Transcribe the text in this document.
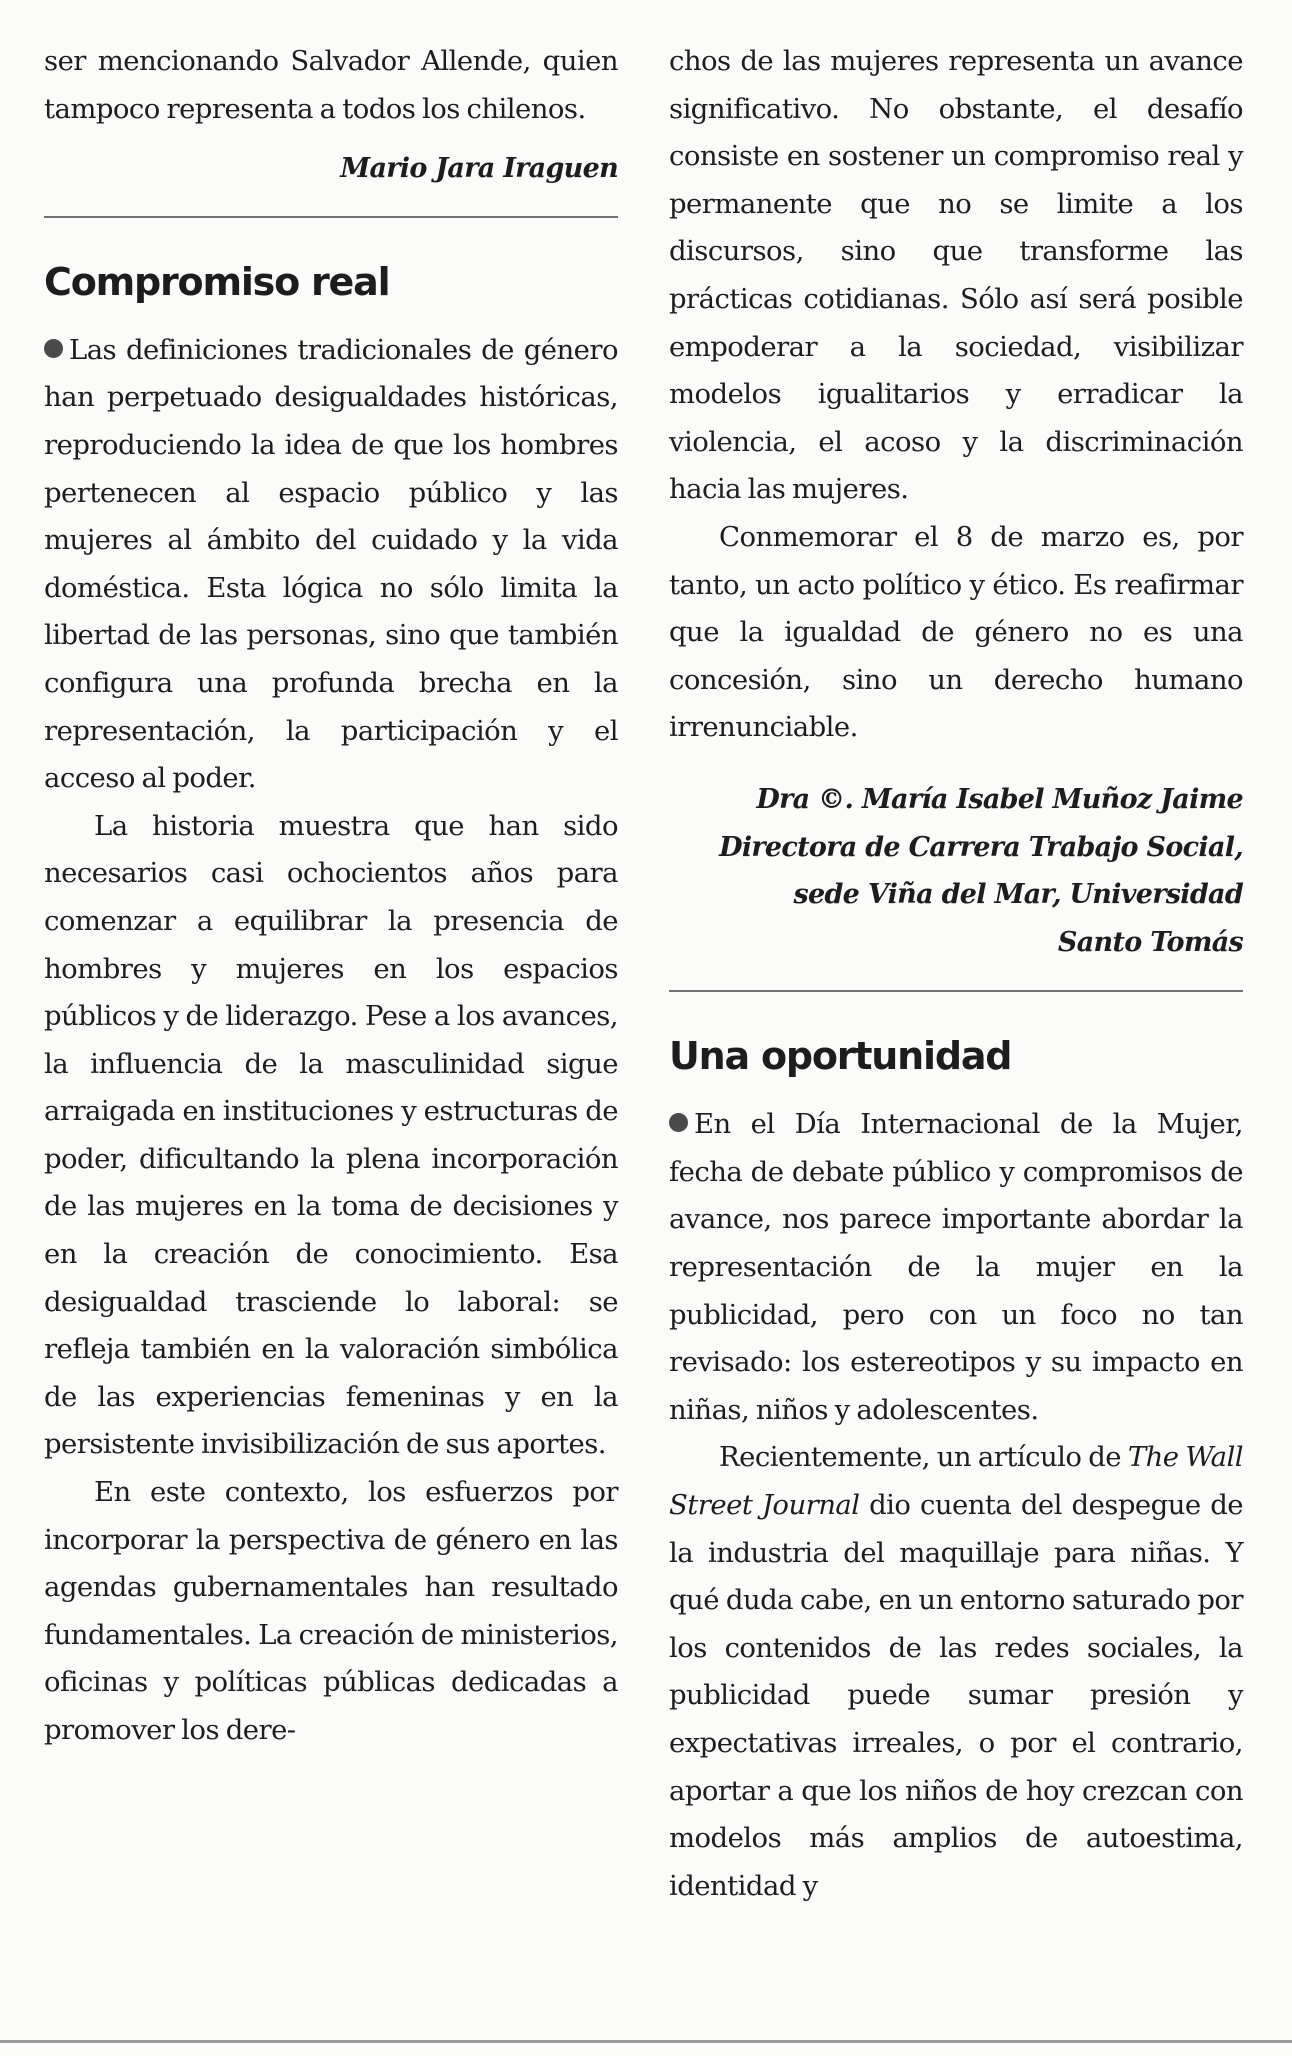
ser mencionando Salvador Allende, quien tampoco representa a todos los chilenos.

Mario Jara Iraguen
Compromiso real

Las definiciones tradicionales de género han perpetuado desigualdades históricas, reproduciendo la idea de que los hombres pertenecen al espacio público y las mujeres al ámbito del cuidado y la vida doméstica. Esta lógica no sólo limita la libertad de las personas, sino que también configura una profunda brecha en la representación, la participación y el acceso al poder.

La historia muestra que han sido necesarios casi ochocientos años para comenzar a equilibrar la presencia de hombres y mujeres en los espacios públicos y de liderazgo. Pese a los avances, la influencia de la masculinidad sigue arraigada en instituciones y estructuras de poder, dificultando la plena incorporación de las mujeres en la toma de decisiones y en la creación de conocimiento. Esa desigualdad trasciende lo laboral: se refleja también en la valoración simbólica de las experiencias femeninas y en la persistente invisibilización de sus aportes.

En este contexto, los esfuerzos por incorporar la perspectiva de género en las agendas gubernamentales han resultado fundamentales. La creación de ministerios, oficinas y políticas públicas dedicadas a promover los dere-

chos de las mujeres representa un avance significativo. No obstante, el desafío consiste en sostener un compromiso real y permanente que no se limite a los discursos, sino que transforme las prácticas cotidianas. Sólo así será posible empoderar a la sociedad, visibilizar modelos igualitarios y erradicar la violencia, el acoso y la discriminación hacia las mujeres.

Conmemorar el 8 de marzo es, por tanto, un acto político y ético. Es reafirmar que la igualdad de género no es una concesión, sino un derecho humano irrenunciable.

Dra ©. María Isabel Muñoz Jaime
Directora de Carrera Trabajo Social,
sede Viña del Mar, Universidad
Santo Tomás
Una oportunidad

En el Día Internacional de la Mujer, fecha de debate público y compromisos de avance, nos parece importante abordar la representación de la mujer en la publicidad, pero con un foco no tan revisado: los estereotipos y su impacto en niñas, niños y adolescentes.

Recientemente, un artículo de The Wall Street Journal dio cuenta del despegue de la industria del maquillaje para niñas. Y qué duda cabe, en un entorno saturado por los contenidos de las redes sociales, la publicidad puede sumar presión y expectativas irreales, o por el contrario, aportar a que los niños de hoy crezcan con modelos más amplios de autoestima, identidad y
